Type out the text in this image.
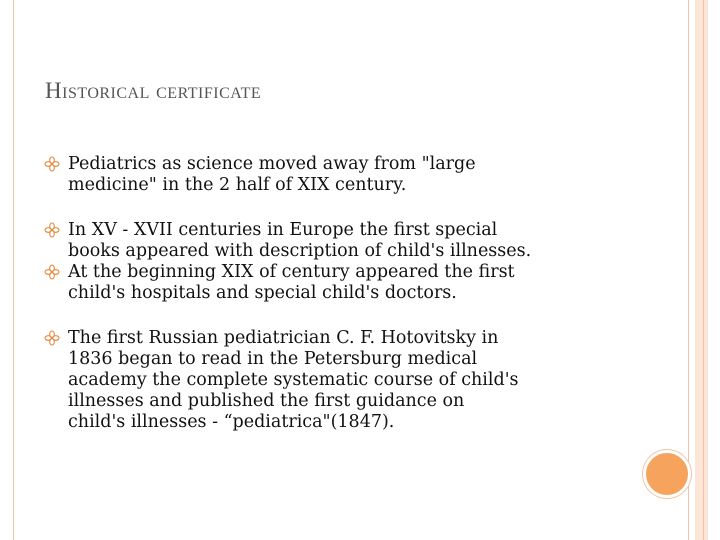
Historical certificate
Pediatrics as science moved away from "large
medicine" in the 2 half of XIX century.
In XV - XVII centuries in Europe the first special
books appeared with description of child's illnesses.
At the beginning XIX of century appeared the first
child's hospitals and special child's doctors.
The first Russian pediatrician C. F. Hotovitsky in
1836 began to read in the Petersburg medical
academy the complete systematic course of child's
illnesses and published the first guidance on
child's illnesses - “pediatrica"(1847).
